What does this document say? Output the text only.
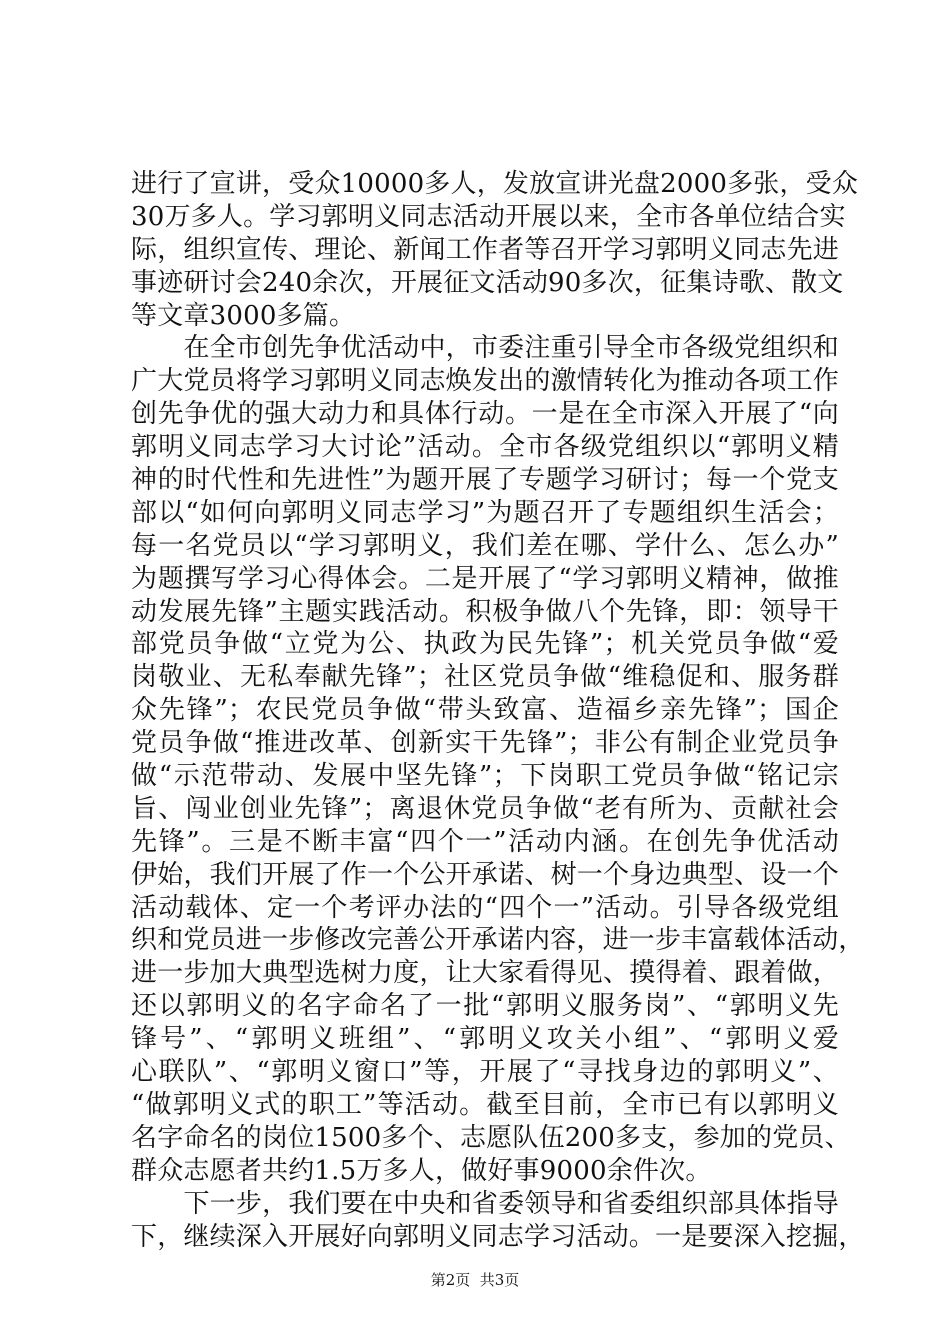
进行了宣讲，受众10000多人，发放宣讲光盘2000多张，受众
30万多人。学习郭明义同志活动开展以来，全市各单位结合实
际，组织宣传、理论、新闻工作者等召开学习郭明义同志先进
事迹研讨会240余次，开展征文活动90多次，征集诗歌、散文
等文章3000多篇。
　　在全市创先争优活动中，市委注重引导全市各级党组织和
广大党员将学习郭明义同志焕发出的激情转化为推动各项工作
创先争优的强大动力和具体行动。一是在全市深入开展了“向
郭明义同志学习大讨论”活动。全市各级党组织以“郭明义精
神的时代性和先进性”为题开展了专题学习研讨；每一个党支
部以“如何向郭明义同志学习”为题召开了专题组织生活会；
每一名党员以“学习郭明义，我们差在哪、学什么、怎么办”
为题撰写学习心得体会。二是开展了“学习郭明义精神，做推
动发展先锋”主题实践活动。积极争做八个先锋，即：领导干
部党员争做“立党为公、执政为民先锋”；机关党员争做“爱
岗敬业、无私奉献先锋”；社区党员争做“维稳促和、服务群
众先锋”；农民党员争做“带头致富、造福乡亲先锋”；国企
党员争做“推进改革、创新实干先锋”；非公有制企业党员争
做“示范带动、发展中坚先锋”；下岗职工党员争做“铭记宗
旨、闯业创业先锋”；离退休党员争做“老有所为、贡献社会
先锋”。三是不断丰富“四个一”活动内涵。在创先争优活动
伊始，我们开展了作一个公开承诺、树一个身边典型、设一个
活动载体、定一个考评办法的“四个一”活动。引导各级党组
织和党员进一步修改完善公开承诺内容，进一步丰富载体活动，
进一步加大典型选树力度，让大家看得见、摸得着、跟着做，
还以郭明义的名字命名了一批“郭明义服务岗”、“郭明义先
锋号”、“郭明义班组”、“郭明义攻关小组”、“郭明义爱
心联队”、“郭明义窗口”等，开展了“寻找身边的郭明义”、
“做郭明义式的职工”等活动。截至目前，全市已有以郭明义
名字命名的岗位1500多个、志愿队伍200多支，参加的党员、
群众志愿者共约1.5万多人，做好事9000余件次。
　　下一步，我们要在中央和省委领导和省委组织部具体指导
下，继续深入开展好向郭明义同志学习活动。一是要深入挖掘，
第2页  共3页
